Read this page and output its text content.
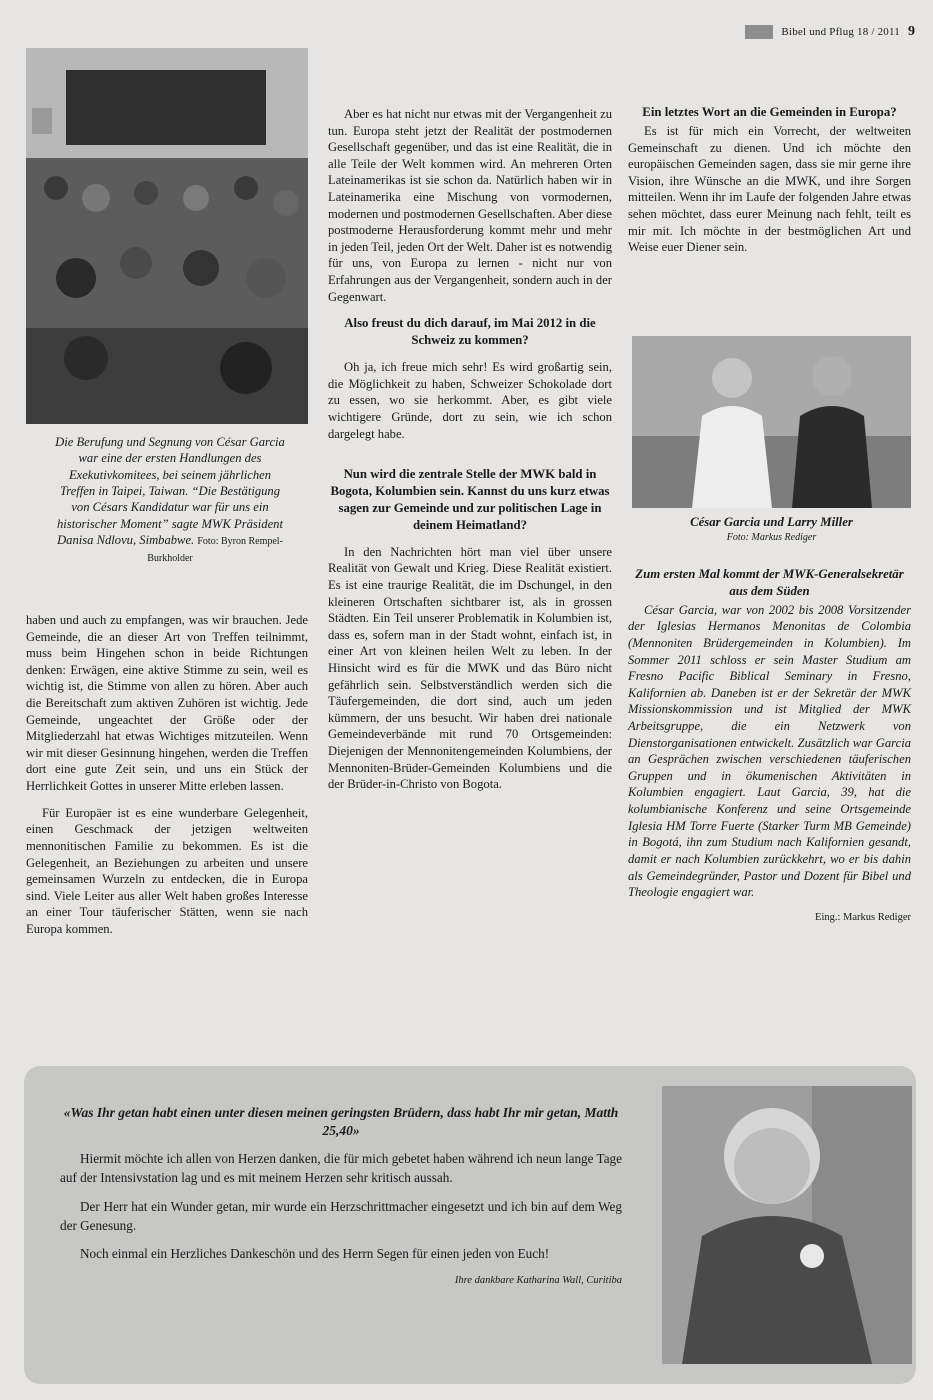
Bibel und Pflug 18 / 2011 9
Die Berufung und Segnung von César Garcia war eine der ersten Handlungen des Exekutivkomitees, bei seinem jährlichen Treffen in Taipei, Taiwan. “Die Bestätigung von Césars Kandidatur war für uns ein historischer Moment” sagte MWK Präsident Danisa Ndlovu, Simbabwe. Foto: Byron Rempel-Burkholder

haben und auch zu empfangen, was wir brauchen. Jede Gemeinde, die an dieser Art von Treffen teilnimmt, muss beim Hingehen schon in beide Richtungen denken: Erwägen, eine aktive Stimme zu sein, weil es wichtig ist, die Stimme von allen zu hören. Aber auch die Bereitschaft zum aktiven Zuhören ist wichtig. Jede Gemeinde, ungeachtet der Größe oder der Mitgliederzahl hat etwas Wichtiges mitzuteilen. Wenn wir mit dieser Gesinnung hingehen, werden die Treffen dort eine gute Zeit sein, und uns ein Stück der Herrlichkeit Gottes in unserer Mitte erleben lassen.

Für Europäer ist es eine wunderbare Gelegenheit, einen Geschmack der jetzigen weltweiten mennonitischen Familie zu bekommen. Es ist die Gelegenheit, an Beziehungen zu arbeiten und unsere gemeinsamen Wurzeln zu entdecken, die in Europa sind. Viele Leiter aus aller Welt haben großes Interesse an einer Tour täuferischer Stätten, wenn sie nach Europa kommen.

Aber es hat nicht nur etwas mit der Vergangenheit zu tun. Europa steht jetzt der Realität der postmodernen Gesellschaft gegenüber, und das ist eine Realität, die in alle Teile der Welt kommen wird. An mehreren Orten Lateinamerikas ist sie schon da. Natürlich haben wir in Lateinamerika eine Mischung von vormodernen, modernen und postmodernen Gesellschaften. Aber diese postmoderne Herausforderung kommt mehr und mehr in jeden Teil, jeden Ort der Welt. Daher ist es notwendig für uns, von Europa zu lernen - nicht nur von Erfahrungen aus der Vergangenheit, sondern auch in der Gegenwart.

Also freust du dich darauf, im Mai 2012 in die Schweiz zu kommen?

Oh ja, ich freue mich sehr! Es wird großartig sein, die Möglichkeit zu haben, Schweizer Schokolade dort zu essen, wo sie herkommt. Aber, es gibt viele wichtigere Gründe, dort zu sein, wie ich schon dargelegt habe.

Nun wird die zentrale Stelle der MWK bald in Bogota, Kolumbien sein. Kannst du uns kurz etwas sagen zur Gemeinde und zur politischen Lage in deinem Heimatland?

In den Nachrichten hört man viel über unsere Realität von Gewalt und Krieg. Diese Realität existiert. Es ist eine traurige Realität, die im Dschungel, in den kleineren Ortschaften sichtbarer ist, als in grossen Städten. Ein Teil unserer Problematik in Kolumbien ist, dass es, sofern man in der Stadt wohnt, einfach ist, in einer Art von kleinen heilen Welt zu leben. In der Hinsicht wird es für die MWK und das Büro nicht gefährlich sein. Selbstverständlich werden sich die Täufergemeinden, die dort sind, auch um jeden kümmern, der uns besucht. Wir haben drei nationale Gemeindeverbände mit rund 70 Ortsgemeinden: Diejenigen der Mennonitengemeinden Kolumbiens, der Mennoniten-Brüder-Gemeinden Kolumbiens und die der Brüder-in-Christo von Bogota.

Ein letztes Wort an die Gemeinden in Europa?

Es ist für mich ein Vorrecht, der weltweiten Gemeinschaft zu dienen. Und ich möchte den europäischen Gemeinden sagen, dass sie mir gerne ihre Vision, ihre Wünsche an die MWK, und ihre Sorgen mitteilen. Wenn ihr im Laufe der folgenden Jahre etwas sehen möchtet, dass eurer Meinung nach fehlt, teilt es mir mit. Ich möchte in der bestmöglichen Art und Weise euer Diener sein.

César Garcia und Larry Miller
Foto: Markus Rediger
Zum ersten Mal kommt der MWK-Generalsekretär aus dem Süden

César Garcia, war von 2002 bis 2008 Vorsitzender der Iglesias Hermanos Menonitas de Colombia (Mennoniten Brüdergemeinden in Kolumbien). Im Sommer 2011 schloss er sein Master Studium am Fresno Pacific Biblical Seminary in Fresno, Kalifornien ab. Daneben ist er der Sekretär der MWK Missionskommission und ist Mitglied der MWK Arbeitsgruppe, die ein Netzwerk von Dienstorganisationen entwickelt. Zusätzlich war Garcia an Gesprächen zwischen verschiedenen täuferischen Gruppen und in ökumenischen Aktivitäten in Kolumbien engagiert. Laut Garcia, 39, hat die kolumbianische Konferenz und seine Ortsgemeinde Iglesia HM Torre Fuerte (Starker Turm MB Gemeinde) in Bogotá, ihn zum Studium nach Kalifornien gesandt, damit er nach Kolumbien zurückkehrt, wo er bis dahin als Gemeindegründer, Pastor und Dozent für Bibel und Theologie engagiert war.

Eing.: Markus Rediger
«Was Ihr getan habt einen unter diesen meinen geringsten Brüdern, dass habt Ihr mir getan, Matth 25,40»

Hiermit möchte ich allen von Herzen danken, die für mich gebetet haben während ich neun lange Tage auf der Intensivstation lag und es mit meinem Herzen sehr kritisch aussah.

Der Herr hat ein Wunder getan, mir wurde ein Herzschrittmacher eingesetzt und ich bin auf dem Weg der Genesung.

Noch einmal ein Herzliches Dankeschön und des Herrn Segen für einen jeden von Euch!

Ihre dankbare Katharina Wall, Curitiba
